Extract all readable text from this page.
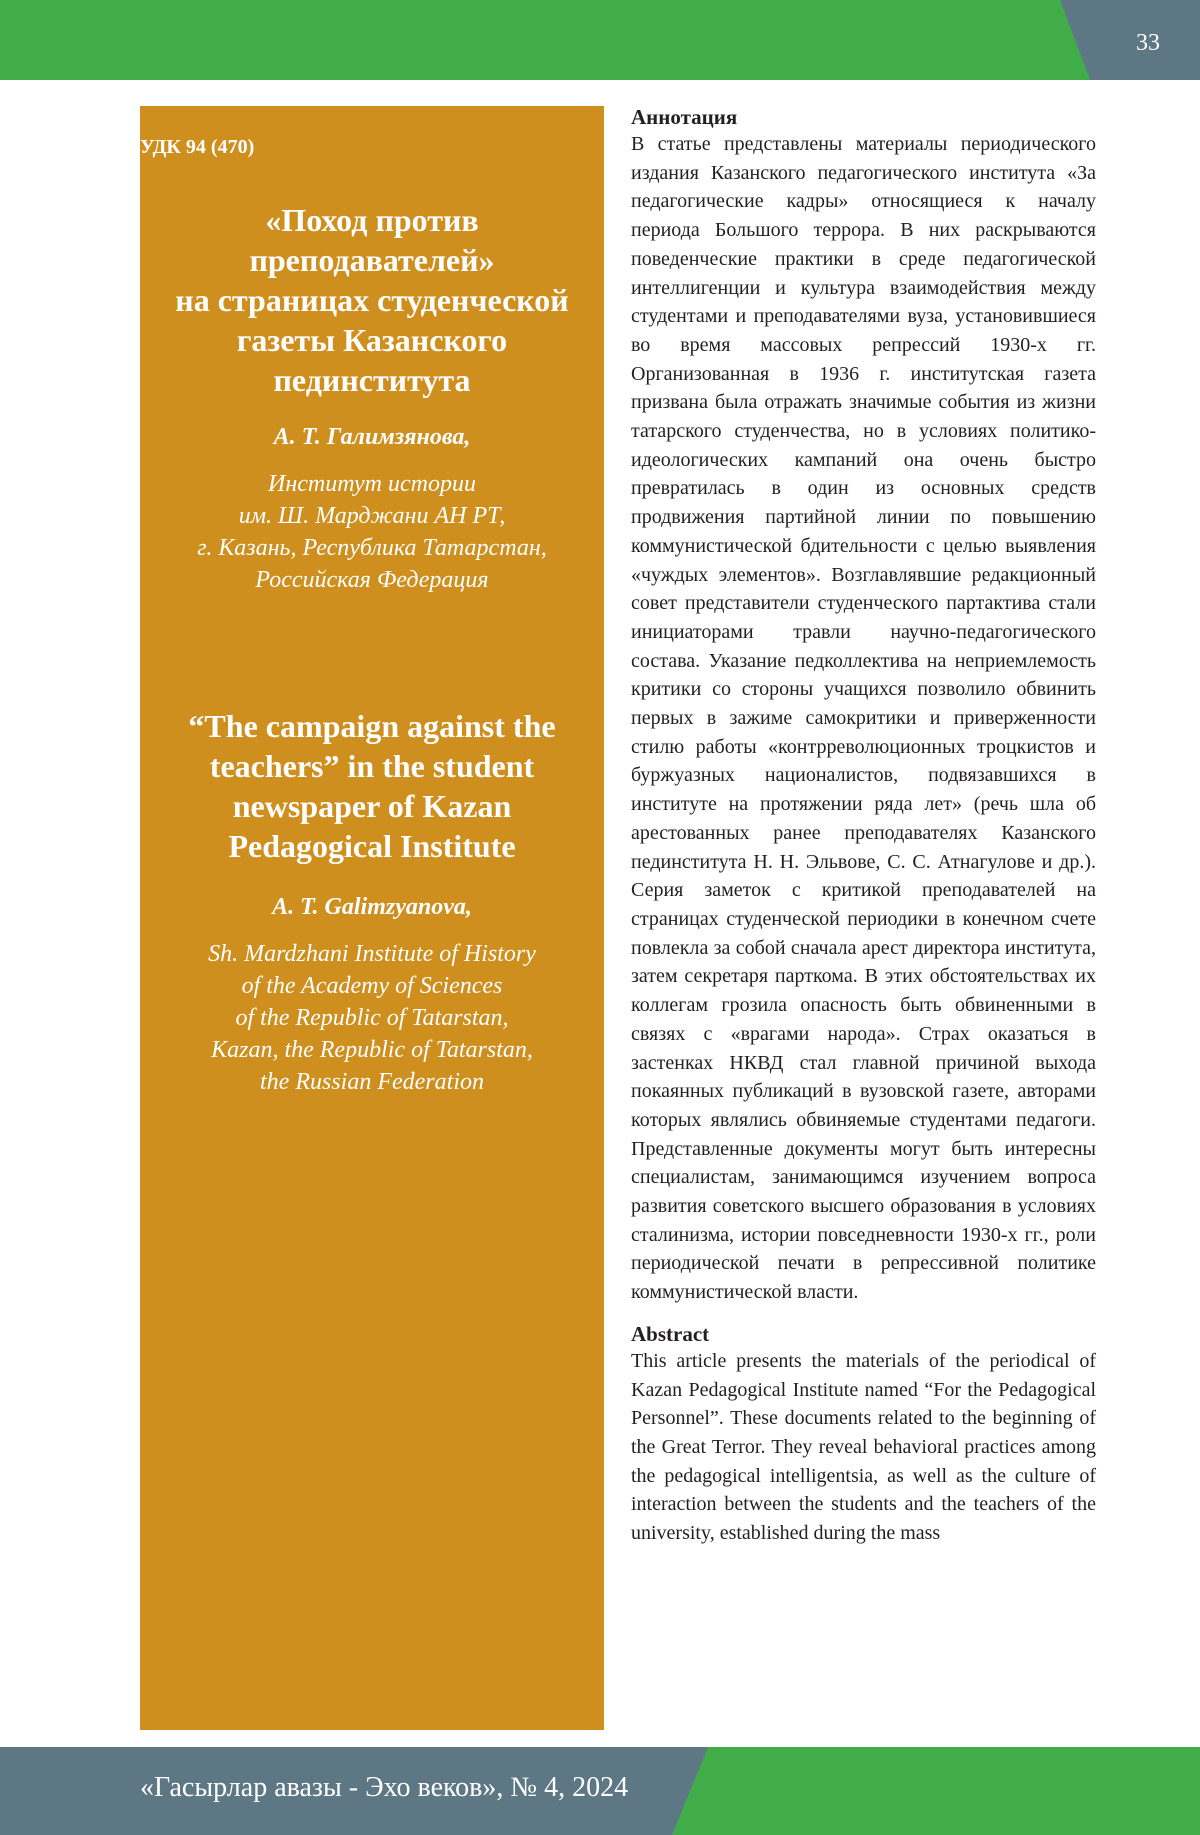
33
УДК 94 (470)
«Поход против
преподавателей»
на страницах студенческой
газеты Казанского
пединститута
А. Т. Галимзянова,
Институт истории
им. Ш. Марджани АН РТ,
г. Казань, Республика Татарстан,
Российская Федерация
“The campaign against the
teachers” in the student
newspaper of Kazan
Pedagogical Institute
A. T. Galimzyanova,
Sh. Mardzhani Institute of History
of the Academy of Sciences
of the Republic of Tatarstan,
Kazan, the Republic of Tatarstan,
the Russian Federation
Аннотация

В статье представлены материалы периодического издания Казанского педагогического института «За педагогические кадры» относящиеся к началу периода Большого террора. В них раскрываются поведенческие практики в среде педагогической интеллигенции и культура взаимодействия между студентами и преподавателями вуза, установившиеся во время массовых репрессий 1930-х гг. Организованная в 1936 г. институтская газета призвана была отражать значимые события из жизни татарского студенчества, но в условиях политико-идеологических кампаний она очень быстро превратилась в один из основных средств продвижения партийной линии по повышению коммунистической бдительности с целью выявления «чуждых элементов». Возглавлявшие редакционный совет представители студенческого партактива стали инициаторами травли научно-педагогического состава. Указание педколлектива на неприемлемость критики со стороны учащихся позволило обвинить первых в зажиме самокритики и приверженности стилю работы «контрреволюционных троцкистов и буржуазных националистов, подвязавшихся в институте на протяжении ряда лет» (речь шла об арестованных ранее преподавателях Казанского пединститута Н. Н. Эльвове, С. С. Атнагулове и др.). Серия заметок с критикой преподавателей на страницах студенческой периодики в конечном счете повлекла за собой сначала арест директора института, затем секретаря парткома. В этих обстоятельствах их коллегам грозила опасность быть обвиненными в связях с «врагами народа». Страх оказаться в застенках НКВД стал главной причиной выхода покаянных публикаций в вузовской газете, авторами которых являлись обвиняемые студентами педагоги. Представленные документы могут быть интересны специалистам, занимающимся изучением вопроса развития советского высшего образования в условиях сталинизма, истории повседневности 1930-х гг., роли периодической печати в репрессивной политике коммунистической власти.

Abstract

This article presents the materials of the periodical of Kazan Pedagogical Institute named “For the Pedagogical Personnel”. These documents related to the beginning of the Great Terror. They reveal behavioral practices among the pedagogical intelligentsia, as well as the culture of interaction between the students and the teachers of the university, established during the mass

«Гасырлар авазы - Эхо веков», № 4, 2024
